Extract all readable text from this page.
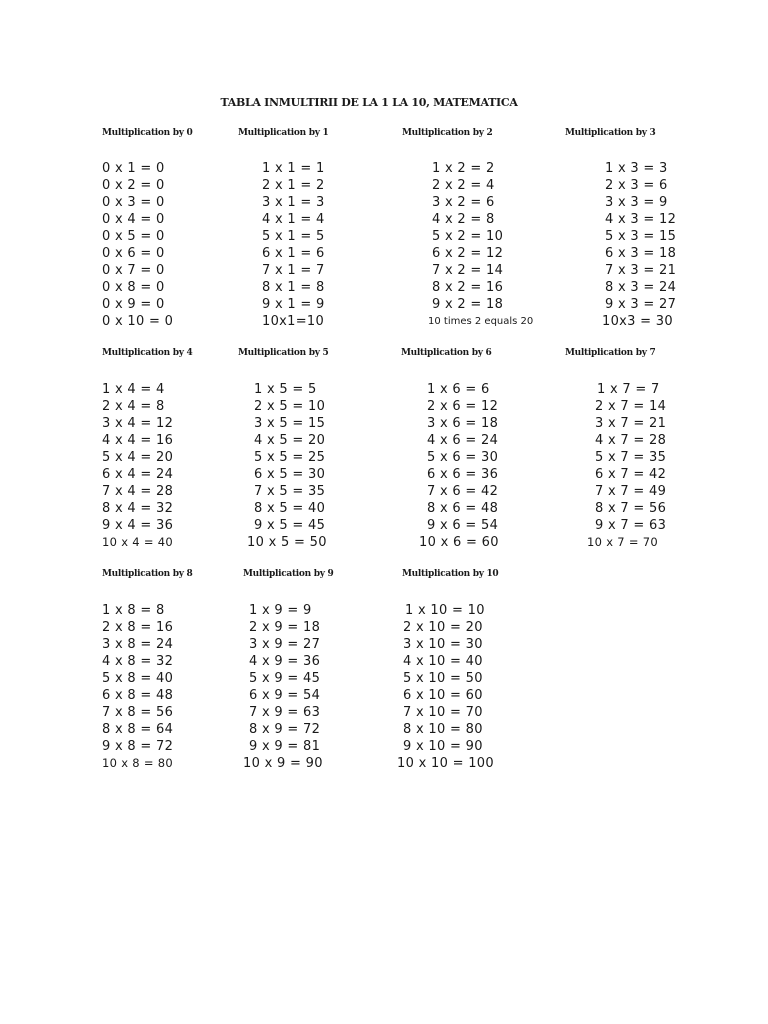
TABLA INMULTIRII DE LA 1 LA 10, MATEMATICA
Multiplication by 0
0 x 1 = 0
0 x 2 = 0
0 x 3 = 0
0 x 4 = 0
0 x 5 = 0
0 x 6 = 0
0 x 7 = 0
0 x 8 = 0
0 x 9 = 0
0 x 10 = 0
Multiplication by 1
1 x 1 = 1
2 x 1 = 2
3 x 1 = 3
4 x 1 = 4
5 x 1 = 5
6 x 1 = 6
7 x 1 = 7
8 x 1 = 8
9 x 1 = 9
10x1=10
Multiplication by 2
1 x 2 = 2
2 x 2 = 4
3 x 2 = 6
4 x 2 = 8
5 x 2 = 10
6 x 2 = 12
7 x 2 = 14
8 x 2 = 16
9 x 2 = 18
10 times 2 equals 20
Multiplication by 3
1 x 3 = 3
2 x 3 = 6
3 x 3 = 9
4 x 3 = 12
5 x 3 = 15
6 x 3 = 18
7 x 3 = 21
8 x 3 = 24
9 x 3 = 27
10x3 = 30
Multiplication by 4
1 x 4 = 4
2 x 4 = 8
3 x 4 = 12
4 x 4 = 16
5 x 4 = 20
6 x 4 = 24
7 x 4 = 28
8 x 4 = 32
9 x 4 = 36
10 x 4 = 40
Multiplication by 5
1 x 5 = 5
2 x 5 = 10
3 x 5 = 15
4 x 5 = 20
5 x 5 = 25
6 x 5 = 30
7 x 5 = 35
8 x 5 = 40
9 x 5 = 45
10 x 5 = 50
Multiplication by 6
1 x 6 = 6
2 x 6 = 12
3 x 6 = 18
4 x 6 = 24
5 x 6 = 30
6 x 6 = 36
7 x 6 = 42
8 x 6 = 48
9 x 6 = 54
10 x 6 = 60
Multiplication by 7
1 x 7 = 7
2 x 7 = 14
3 x 7 = 21
4 x 7 = 28
5 x 7 = 35
6 x 7 = 42
7 x 7 = 49
8 x 7 = 56
9 x 7 = 63
10 x 7 = 70
Multiplication by 8
1 x 8 = 8
2 x 8 = 16
3 x 8 = 24
4 x 8 = 32
5 x 8 = 40
6 x 8 = 48
7 x 8 = 56
8 x 8 = 64
9 x 8 = 72
10 x 8 = 80
Multiplication by 9
1 x 9 = 9
2 x 9 = 18
3 x 9 = 27
4 x 9 = 36
5 x 9 = 45
6 x 9 = 54
7 x 9 = 63
8 x 9 = 72
9 x 9 = 81
10 x 9 = 90
Multiplication by 10
1 x 10 = 10
2 x 10 = 20
3 x 10 = 30
4 x 10 = 40
5 x 10 = 50
6 x 10 = 60
7 x 10 = 70
8 x 10 = 80
9 x 10 = 90
10 x 10 = 100
